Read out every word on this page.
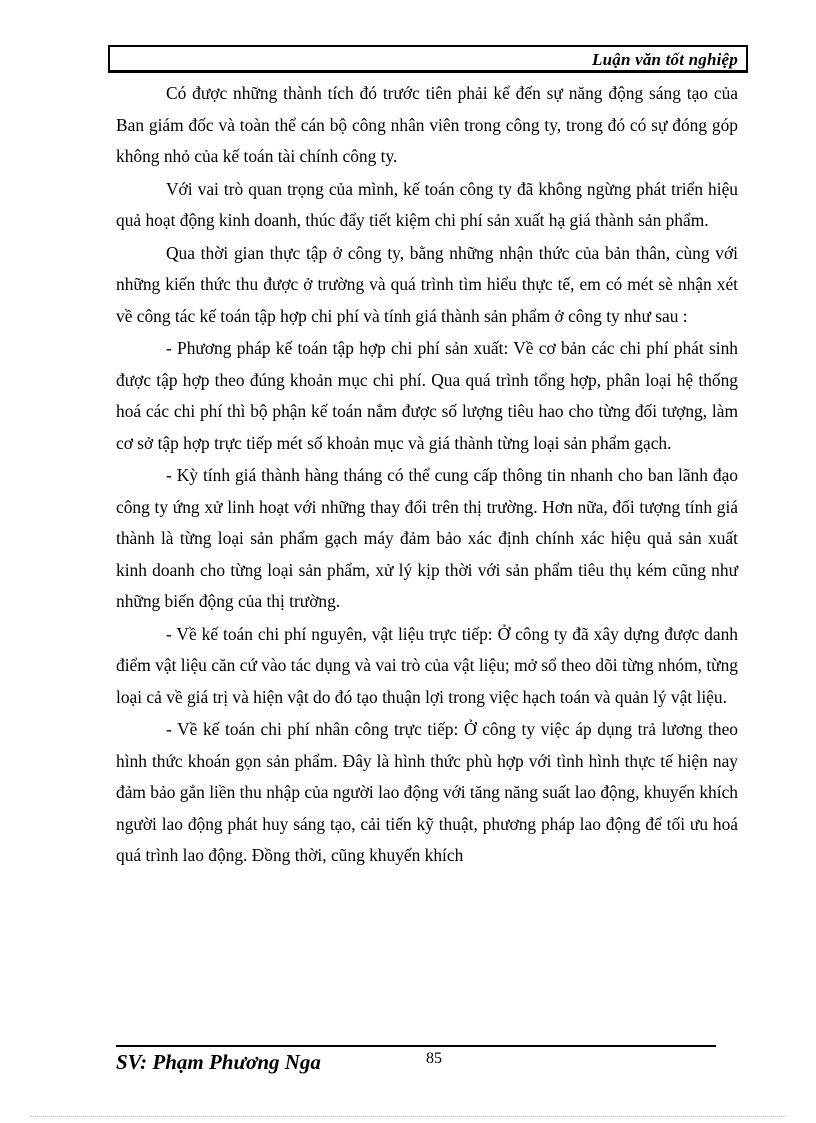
Luận văn tốt nghiệp

Có được những thành tích đó trước tiên phải kể đến sự năng động sáng tạo của Ban giám đốc và toàn thể cán bộ công nhân viên trong công ty, trong đó có sự đóng góp không nhỏ của kế toán tài chính công ty.

Với vai trò quan trọng của mình, kế toán công ty đã không ngừng phát triển hiệu quả hoạt động kinh doanh, thúc đẩy tiết kiệm chi phí sản xuất hạ giá thành sản phẩm.

Qua thời gian thực tập ở công ty, bằng những nhận thức của bản thân, cùng với những kiến thức thu được ở trường và quá trình tìm hiểu thực tế, em có mét sè nhận xét về công tác kế toán tập hợp chi phí và tính giá thành sản phẩm ở công ty như sau :

- Phương pháp kế toán tập hợp chi phí sản xuất: Về cơ bản các chi phí phát sinh được tập hợp theo đúng khoản mục chi phí. Qua quá trình tổng hợp, phân loại hệ thống hoá các chi phí thì bộ phận kế toán nắm được số lượng tiêu hao cho từng đối tượng, làm cơ sở tập hợp trực tiếp mét số khoản mục và giá thành từng loại sản phẩm gạch.

- Kỳ tính giá thành hàng tháng có thể cung cấp thông tin nhanh cho ban lãnh đạo công ty ứng xử linh hoạt với những thay đổi trên thị trường. Hơn nữa, đối tượng tính giá thành là từng loại sản phẩm gạch máy đảm bảo xác định chính xác hiệu quả sản xuất kinh doanh cho từng loại sản phẩm, xử lý kịp thời với sản phẩm tiêu thụ kém cũng như những biến động của thị trường.

- Về kế toán chi phí nguyên, vật liệu trực tiếp: Ở công ty đã xây dựng được danh điểm vật liệu căn cứ vào tác dụng và vai trò của vật liệu; mở sổ theo dõi từng nhóm, từng loại cả về giá trị và hiện vật do đó tạo thuận lợi trong việc hạch toán và quản lý vật liệu.

- Về kế toán chi phí nhân công trực tiếp: Ở công ty việc áp dụng trả lương theo hình thức khoán gọn sản phẩm. Đây là hình thức phù hợp với tình hình thực tế hiện nay đảm bảo gắn liền thu nhập của người lao động với tăng năng suất lao động, khuyến khích người lao động phát huy sáng tạo, cải tiến kỹ thuật, phương pháp lao động để tối ưu hoá quá trình lao động. Đồng thời, cũng khuyến khích

SV: Phạm Phương Nga	85
